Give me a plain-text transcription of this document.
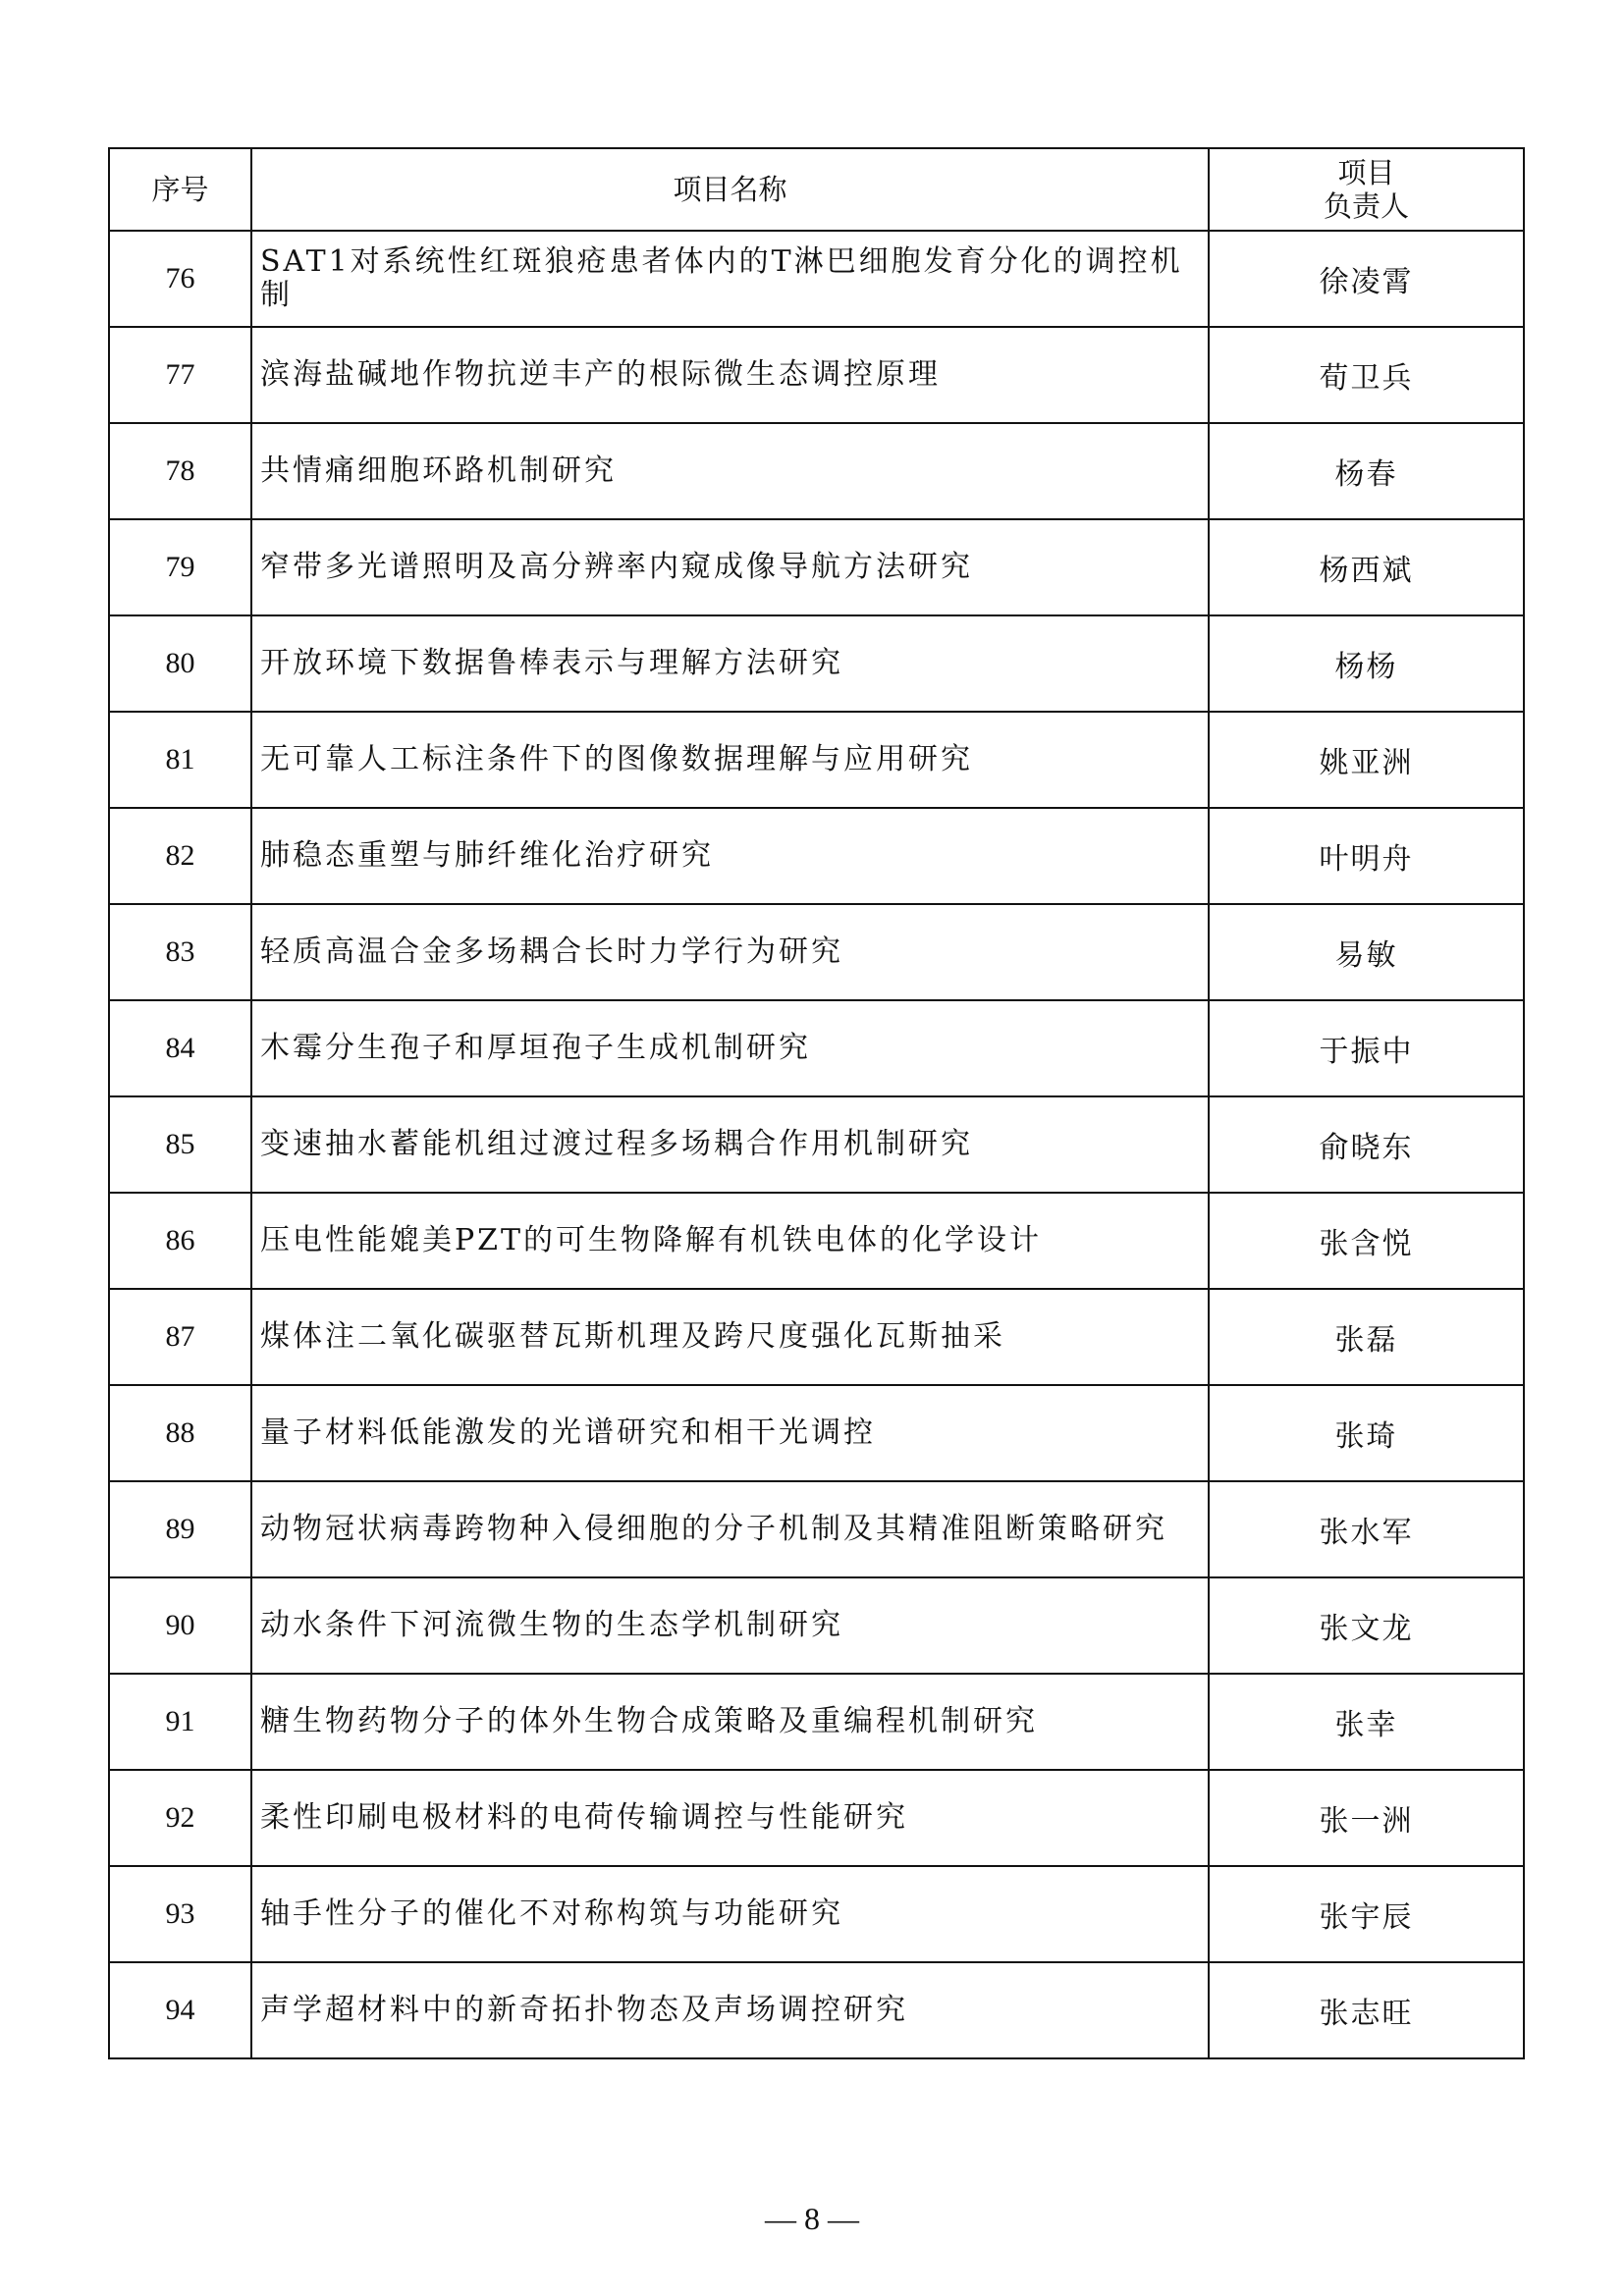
序号	项目名称	项目
负责人

76	SAT1对系统性红斑狼疮患者体内的T淋巴细胞发育分化的调控机制	徐凌霄
77	滨海盐碱地作物抗逆丰产的根际微生态调控原理	荀卫兵
78	共情痛细胞环路机制研究	杨春
79	窄带多光谱照明及高分辨率内窥成像导航方法研究	杨西斌
80	开放环境下数据鲁棒表示与理解方法研究	杨杨
81	无可靠人工标注条件下的图像数据理解与应用研究	姚亚洲
82	肺稳态重塑与肺纤维化治疗研究	叶明舟
83	轻质高温合金多场耦合长时力学行为研究	易敏
84	木霉分生孢子和厚垣孢子生成机制研究	于振中
85	变速抽水蓄能机组过渡过程多场耦合作用机制研究	俞晓东
86	压电性能媲美PZT的可生物降解有机铁电体的化学设计	张含悦
87	煤体注二氧化碳驱替瓦斯机理及跨尺度强化瓦斯抽采	张磊
88	量子材料低能激发的光谱研究和相干光调控	张琦
89	动物冠状病毒跨物种入侵细胞的分子机制及其精准阻断策略研究	张水军
90	动水条件下河流微生物的生态学机制研究	张文龙
91	糖生物药物分子的体外生物合成策略及重编程机制研究	张幸
92	柔性印刷电极材料的电荷传输调控与性能研究	张一洲
93	轴手性分子的催化不对称构筑与功能研究	张宇辰
94	声学超材料中的新奇拓扑物态及声场调控研究	张志旺
— 8 —
